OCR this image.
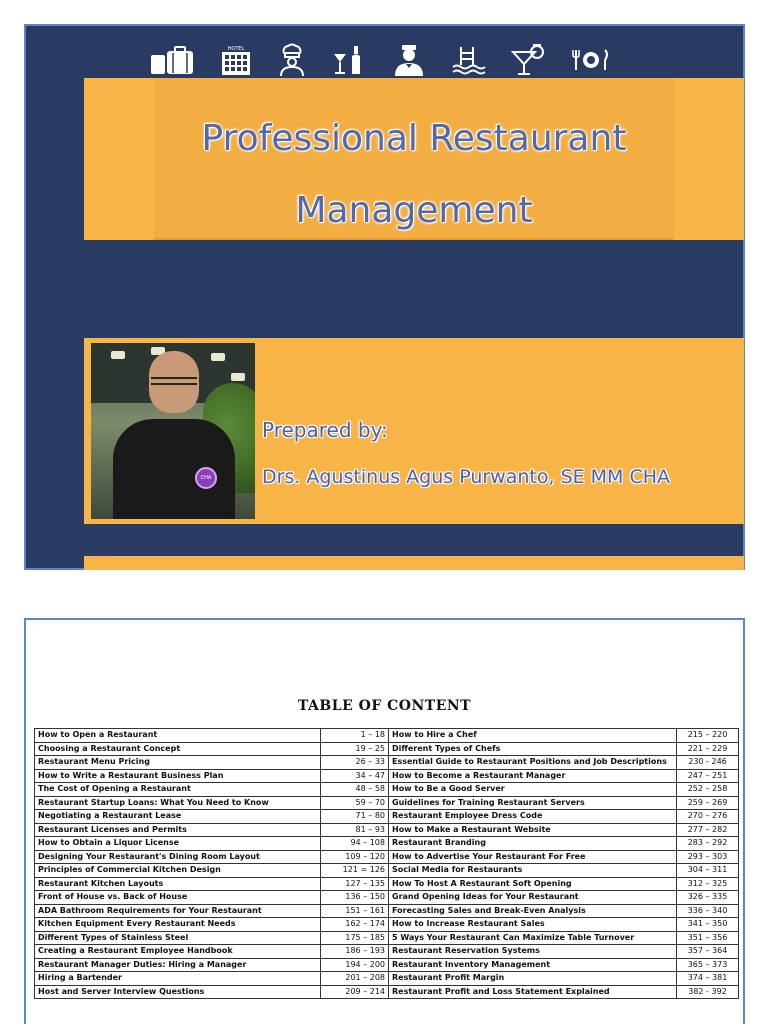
HOTEL
Professional Restaurant
Management
CHA
Prepared by:
Drs. Agustinus Agus Purwanto, SE MM CHA
TABLE OF CONTENT
How to Open a Restaurant	1 – 18	How to Hire a Chef	215 – 220
Choosing a Restaurant Concept	19 – 25	Different Types of Chefs	221 – 229
Restaurant Menu Pricing	26 – 33	Essential Guide to Restaurant Positions and Job Descriptions	230 - 246
How to Write a Restaurant Business Plan	34 – 47	How to Become a Restaurant Manager	247 – 251
The Cost of Opening a Restaurant	48 – 58	How to Be a Good Server	252 – 258
Restaurant Startup Loans: What You Need to Know	59 – 70	Guidelines for Training Restaurant Servers	259 – 269
Negotiating a Restaurant Lease	71 – 80	Restaurant Employee Dress Code	270 – 276
Restaurant Licenses and Permits	81 – 93	How to Make a Restaurant Website	277 – 282
How to Obtain a Liquor License	94 – 108	Restaurant Branding	283 – 292
Designing Your Restaurant's Dining Room Layout	109 – 120	How to Advertise Your Restaurant For Free	293 – 303
Principles of Commercial Kitchen Design	121 = 126	Social Media for Restaurants	304 – 311
Restaurant Kitchen Layouts	127 – 135	How To Host A Restaurant Soft Opening	312 – 325
Front of House vs. Back of House	136 – 150	Grand Opening Ideas for Your Restaurant	326 – 335
ADA Bathroom Requirements for Your Restaurant	151 – 161	Forecasting Sales and Break-Even Analysis	336 – 340
Kitchen Equipment Every Restaurant Needs	162 – 174	How to Increase Restaurant Sales	341 – 350
Different Types of Stainless Steel	175 – 185	5 Ways Your Restaurant Can Maximize Table Turnover	351 – 356
Creating a Restaurant Employee Handbook	186 – 193	Restaurant Reservation Systems	357 – 364
Restaurant Manager Duties: Hiring a Manager	194 – 200	Restaurant Inventory Management	365 – 373
Hiring a Bartender	201 – 208	Restaurant Profit Margin	374 – 381
Host and Server Interview Questions	209 – 214	Restaurant Profit and Loss Statement Explained	382 - 392
